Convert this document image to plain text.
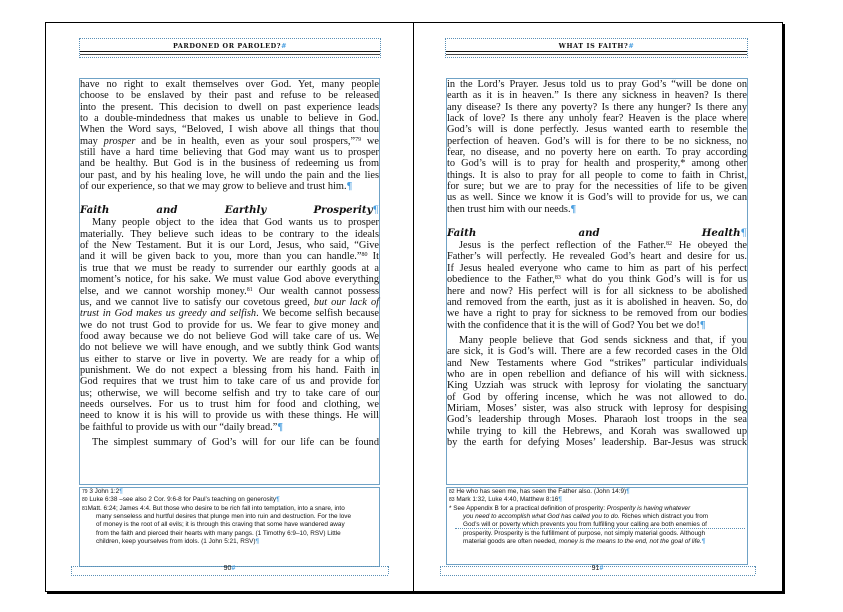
PARDONED OR PAROLED?#

have no right to exalt themselves over God. Yet, many people
choose to be enslaved by their past and refuse to be released
into the present. This decision to dwell on past experience leads
to a double-mindedness that makes us unable to believe in God.
When the Word says, “Beloved, I wish above all things that thou
may prosper and be in health, even as your soul prospers,”$^{79}$ we
still have a hard time believing that God may want us to prosper
and be healthy. But God is in the business of redeeming us from
our past, and by his healing love, he will undo the pain and the lies
of our experience, so that we may grow to believe and trust him.¶

Faith and Earthly Prosperity¶

Many people object to the idea that God wants us to prosper
materially. They believe such ideas to be contrary to the ideals
of the New Testament. But it is our Lord, Jesus, who said, “Give
and it will be given back to you, more than you can handle.”$^{80}$ It
is true that we must be ready to surrender our earthly goods at a
moment’s notice, for his sake. We must value God above everything
else, and we cannot worship money.$^{81}$ Our wealth cannot possess
us, and we cannot live to satisfy our covetous greed, but our lack of
trust in God makes us greedy and selfish. We become selfish because
we do not trust God to provide for us. We fear to give money and
food away because we do not believe God will take care of us. We
do not believe we will have enough, and we subtly think God wants
us either to starve or live in poverty. We are ready for a whip of
punishment. We do not expect a blessing from his hand. Faith in
God requires that we trust him to take care of us and provide for
us; otherwise, we will become selfish and try to take care of our
needs ourselves. For us to trust him for food and clothing, we
need to know it is his will to provide us with these things. He will
be faithful to provide us with our “daily bread.”¶

The simplest summary of God’s will for our life can be found

$^{79}$ 3 John 1:2¶
$^{80}$ Luke 6:38 –see also 2 Cor. 9:6-8 for Paul’s teaching on generosity¶
$^{81}$Matt. 6:24; James 4:4. But those who desire to be rich fall into temptation, into a snare, into
many senseless and hurtful desires that plunge men into ruin and destruction. For the love
of money is the root of all evils; it is through this craving that some have wandered away
from the faith and pierced their hearts with many pangs. (1 Timothy 6:9–10, RSV) Little
children, keep yourselves from idols. (1 John 5:21, RSV)¶
90#
WHAT IS FAITH?#

in the Lord’s Prayer. Jesus told us to pray God’s “will be done on
earth as it is in heaven.” Is there any sickness in heaven? Is there
any disease? Is there any poverty? Is there any hunger? Is there any
lack of love? Is there any unholy fear? Heaven is the place where
God’s will is done perfectly. Jesus wanted earth to resemble the
perfection of heaven. God’s will is for there to be no sickness, no
fear, no disease, and no poverty here on earth. To pray according
to God’s will is to pray for health and prosperity,* among other
things. It is also to pray for all people to come to faith in Christ,
for sure; but we are to pray for the necessities of life to be given
us as well. Since we know it is God’s will to provide for us, we can
then trust him with our needs.¶

Faith and Health¶

Jesus is the perfect reflection of the Father.$^{82}$ He obeyed the
Father’s will perfectly. He revealed God’s heart and desire for us.
If Jesus healed everyone who came to him as part of his perfect
obedience to the Father,$^{83}$ what do you think God’s will is for us
here and now? His perfect will is for all sickness to be abolished
and removed from the earth, just as it is abolished in heaven. So, do
we have a right to pray for sickness to be removed from our bodies
with the confidence that it is the will of God? You bet we do!¶

Many people believe that God sends sickness and that, if you
are sick, it is God’s will. There are a few recorded cases in the Old
and New Testaments where God “strikes” particular individuals
who are in open rebellion and defiance of his will with sickness.
King Uzziah was struck with leprosy for violating the sanctuary
of God by offering incense, which he was not allowed to do.
Miriam, Moses’ sister, was also struck with leprosy for despising
God’s leadership through Moses. Pharaoh lost troops in the sea
while trying to kill the Hebrews, and Korah was swallowed up
by the earth for defying Moses’ leadership. Bar-Jesus was struck

$^{82}$ He who has seen me, has seen the Father also. (John 14:9)¶
$^{83}$ Mark 1:32, Luke 4:40, Matthew 8:16¶
* See Appendix B for a practical definition of prosperity: Prosperity is having whatever
you need to accomplish what God has called you to do. Riches which distract you from
God’s will or poverty which prevents you from fulfilling your calling are both enemies of
prosperity. Prosperity is the fulfillment of purpose, not simply material goods. Although
material goods are often needed, money is the means to the end, not the goal of life.¶
91#
